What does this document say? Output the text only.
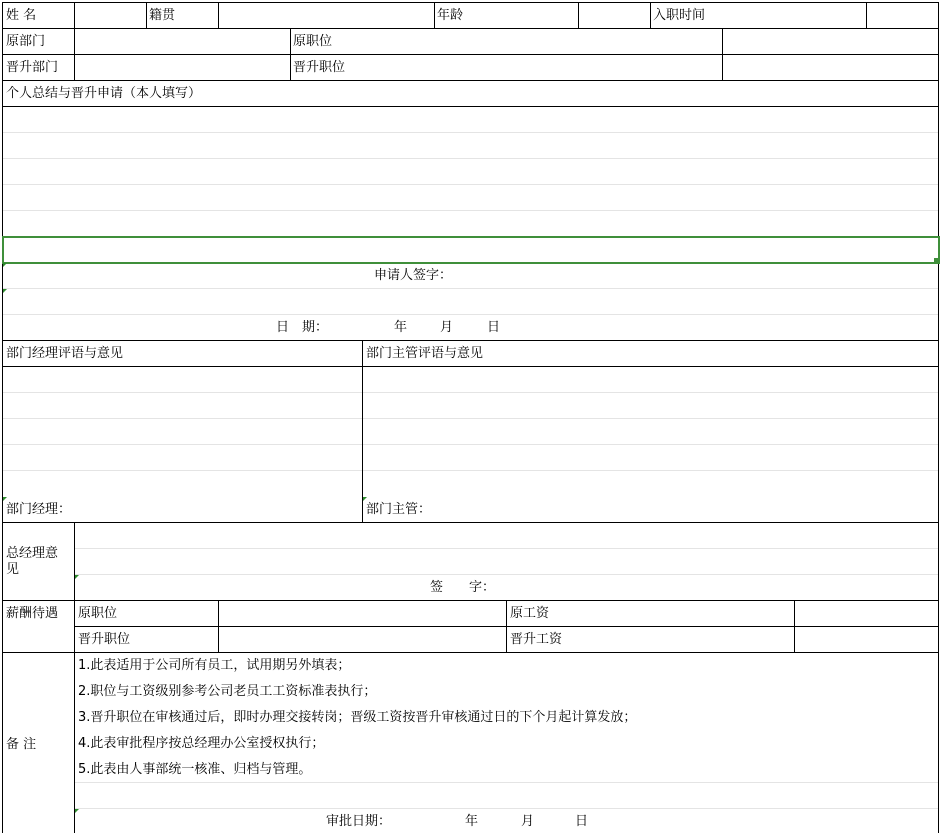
姓 名	籍贯	年龄	入职时间
原部门	原职位
晋升部门	晋升职位
个人总结与晋升申请（本人填写）
申请人签字：
日　期：	年	月	日
部门经理评语与意见	部门主管评语与意见
部门经理：	部门主管：
总经理意见
签　　字：
薪酬待遇 原职位	原工资
晋升职位	晋升工资
备 注
1.此表适用于公司所有员工，试用期另外填表；
2.职位与工资级别参考公司老员工工资标准表执行；
3.晋升职位在审核通过后，即时办理交接转岗；晋级工资按晋升审核通过日的下个月起计算发放；
4.此表审批程序按总经理办公室授权执行；
5.此表由人事部统一核准、归档与管理。
审批日期：	年	月	日
